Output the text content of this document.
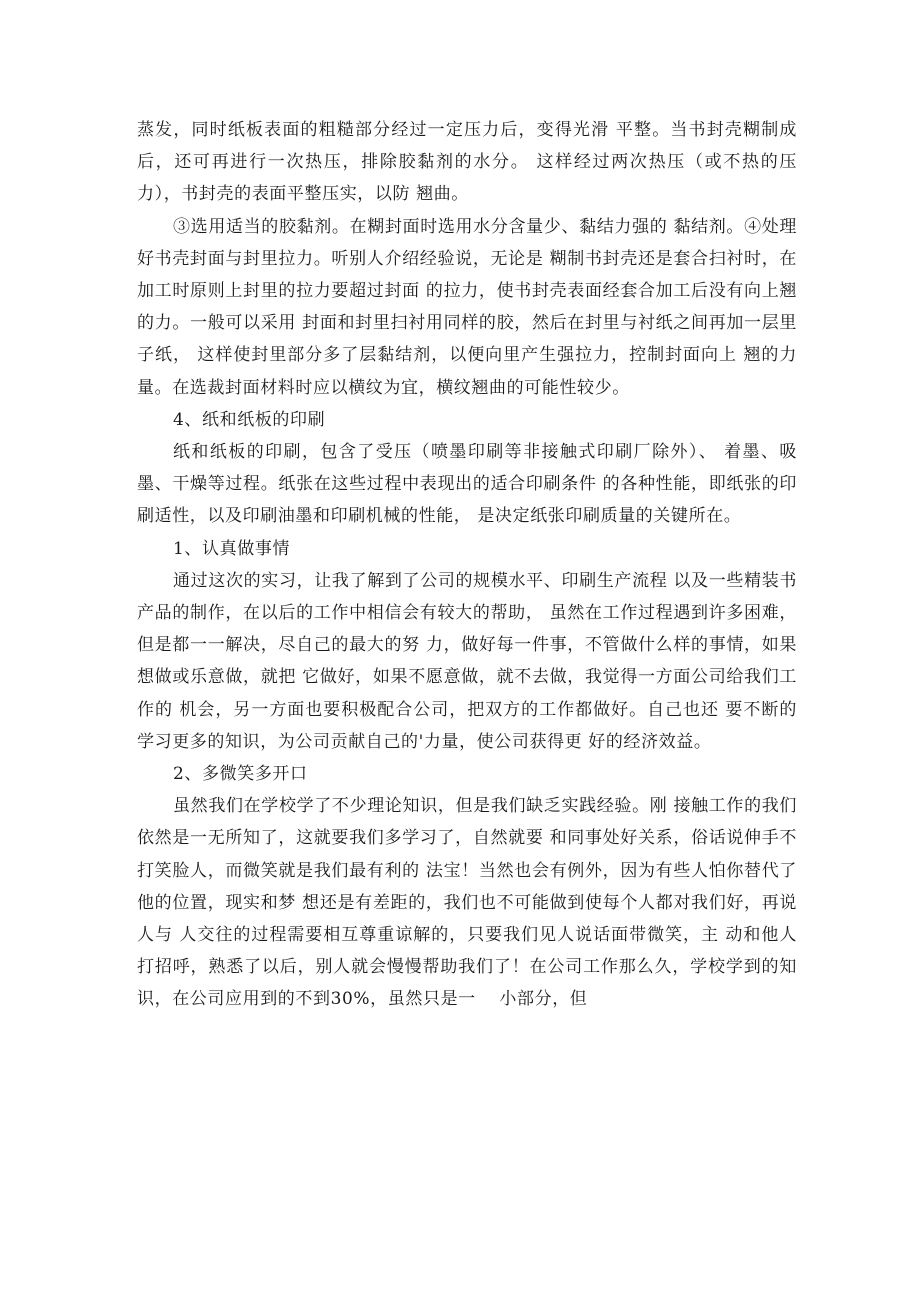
蒸发，同时纸板表面的粗糙部分经过一定压力后，变得光滑 平整。当书封壳糊制成后，还可再进行一次热压，排除胶黏剂的水分。 这样经过两次热压（或不热的压力），书封壳的表面平整压实，以防 翘曲。

③选用适当的胶黏剂。在糊封面时选用水分含量少、黏结力强的 黏结剂。④处理好书壳封面与封里拉力。听别人介绍经验说，无论是 糊制书封壳还是套合扫衬时，在加工时原则上封里的拉力要超过封面 的拉力，使书封壳表面经套合加工后没有向上翘的力。一般可以采用 封面和封里扫衬用同样的胶，然后在封里与衬纸之间再加一层里子纸， 这样使封里部分多了层黏结剂，以便向里产生强拉力，控制封面向上 翘的力量。在选裁封面材料时应以横纹为宜，横纹翘曲的可能性较少。

4、纸和纸板的印刷

纸和纸板的印刷，包含了受压（喷墨印刷等非接触式印刷厂除外）、 着墨、吸墨、干燥等过程。纸张在这些过程中表现出的适合印刷条件 的各种性能，即纸张的印刷适性，以及印刷油墨和印刷机械的性能， 是决定纸张印刷质量的关键所在。

1、认真做事情

通过这次的实习，让我了解到了公司的规模水平、印刷生产流程 以及一些精装书产品的制作，在以后的工作中相信会有较大的帮助， 虽然在工作过程遇到许多困难，但是都一一解决，尽自己的最大的努 力，做好每一件事，不管做什么样的事情，如果想做或乐意做，就把 它做好，如果不愿意做，就不去做，我觉得一方面公司给我们工作的 机会，另一方面也要积极配合公司，把双方的工作都做好。自己也还 要不断的学习更多的知识，为公司贡献自己的'力量，使公司获得更 好的经济效益。

2、多微笑多开口

虽然我们在学校学了不少理论知识，但是我们缺乏实践经验。刚 接触工作的我们依然是一无所知了，这就要我们多学习了，自然就要 和同事处好关系，俗话说伸手不打笑脸人，而微笑就是我们最有利的 法宝！当然也会有例外，因为有些人怕你替代了他的位置，现实和梦 想还是有差距的，我们也不可能做到使每个人都对我们好，再说人与 人交往的过程需要相互尊重谅解的，只要我们见人说话面带微笑，主 动和他人打招呼，熟悉了以后，别人就会慢慢帮助我们了！在公司工作那么久，学校学到的知识，在公司应用到的不到30%，虽然只是一　 小部分，但
